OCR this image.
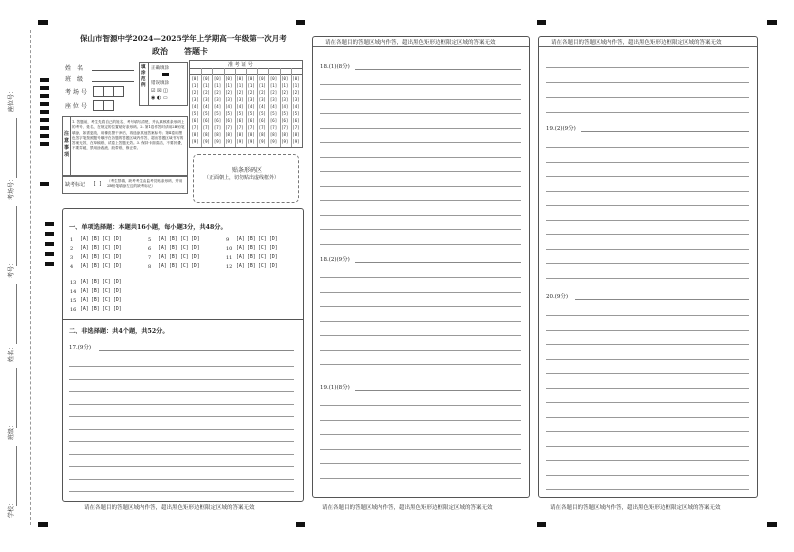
座位号：
考场号：
考号：
姓名：
班级：
学校：
保山市智源中学2024—2025学年上学期高一年级第一次月考
政治 答题卡
姓　名
班　级
考 场 号
座 位 号
填涂范例
正确填涂
错误填涂
☑ ☒ ◫
◉ ◐ ▭
准 考 证 号
[0] [0] [0] [0] [0] [0] [0] [0] [0] [0]
[1] [1] [1] [1] [1] [1] [1] [1] [1] [1]
[2] [2] [2] [2] [2] [2] [2] [2] [2] [2]
[3] [3] [3] [3] [3] [3] [3] [3] [3] [3]
[4] [4] [4] [4] [4] [4] [4] [4] [4] [4]
[5] [5] [5] [5] [5] [5] [5] [5] [5] [5]
[6] [6] [6] [6] [6] [6] [6] [6] [6] [6]
[7] [7] [7] [7] [7] [7] [7] [7] [7] [7]
[8] [8] [8] [8] [8] [8] [8] [8] [8] [8]
[9] [9] [9] [9] [9] [9] [9] [9] [9] [9]
注意事项
1. 答题前，考生先将自己的姓名、考号填写清楚，并认真核准条形码上的考号、姓名，在规定的位置贴好条形码。2. 第1卷作答时请用2B铅笔填涂，如需更改，用橡皮擦干净后，再选涂其他答案标号；第Ⅱ卷用黑色签字笔按照题号顺序在各题的答题区域内作答，超出答题区域书写的答案无效，在草稿纸、试卷上答题无效。3. 保持卡面清洁，不要折叠，不要弄破，禁用涂改液、胶带纸、修正带。
缺考标记 [ ] （考生禁填，缺考考生由监考员贴条形码，并用2B铅笔填涂左边的缺考标记）
贴条形码区
（正面朝上，切勿贴出虚线框外）
一、单项选择题：本题共16小题，每小题3分，共48分。
1	[A] [B] [C] [D]
2	[A] [B] [C] [D]
3	[A] [B] [C] [D]
4	[A] [B] [C] [D]
5	[A] [B] [C] [D]
6	[A] [B] [C] [D]
7	[A] [B] [C] [D]
8	[A] [B] [C] [D]
9	[A] [B] [C] [D]
10 [A] [B] [C] [D]
11 [A] [B] [C] [D]
12 [A] [B] [C] [D]
13 [A] [B] [C] [D]
14 [A] [B] [C] [D]
15 [A] [B] [C] [D]
16 [A] [B] [C] [D]
二、非选择题：共4个题，共52分。
17.(9分)
请在各题目的答题区域内作答，超出黑色矩形边框限定区域的答案无效
请在各题目的答题区域内作答，超出黑色矩形边框限定区域的答案无效
18.(1)(8分)
18.(2)(9分)
19.(1)(8分)
请在各题目的答题区域内作答，超出黑色矩形边框限定区域的答案无效
请在各题目的答题区域内作答，超出黑色矩形边框限定区域的答案无效
19.(2)(9分)
20.(9分)
请在各题目的答题区域内作答，超出黑色矩形边框限定区域的答案无效
